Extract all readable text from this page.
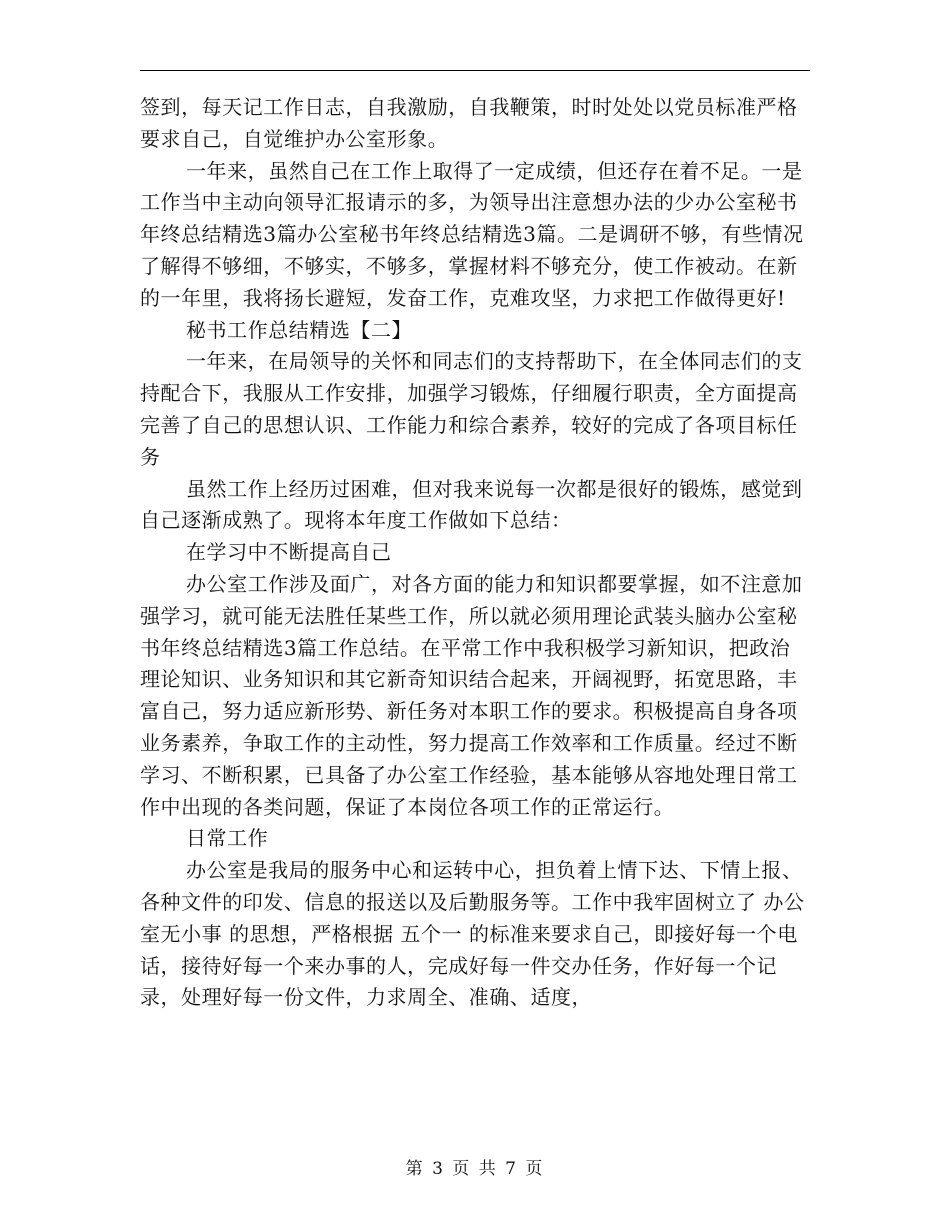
签到，每天记工作日志，自我激励，自我鞭策，时时处处以党员标准严格要求自己，自觉维护办公室形象。

一年来，虽然自己在工作上取得了一定成绩，但还存在着不足。一是工作当中主动向领导汇报请示的多，为领导出注意想办法的少办公室秘书年终总结精选3篇办公室秘书年终总结精选3篇。二是调研不够，有些情况了解得不够细，不够实，不够多，掌握材料不够充分，使工作被动。在新的一年里，我将扬长避短，发奋工作，克难攻坚，力求把工作做得更好!

秘书工作总结精选【二】

一年来，在局领导的关怀和同志们的支持帮助下，在全体同志们的支持配合下，我服从工作安排，加强学习锻炼，仔细履行职责，全方面提高完善了自己的思想认识、工作能力和综合素养，较好的完成了各项目标任务

虽然工作上经历过困难，但对我来说每一次都是很好的锻炼，感觉到自己逐渐成熟了。现将本年度工作做如下总结：

在学习中不断提高自己

办公室工作涉及面广，对各方面的能力和知识都要掌握，如不注意加强学习，就可能无法胜任某些工作，所以就必须用理论武装头脑办公室秘书年终总结精选3篇工作总结。在平常工作中我积极学习新知识，把政治理论知识、业务知识和其它新奇知识结合起来，开阔视野，拓宽思路，丰富自己，努力适应新形势、新任务对本职工作的要求。积极提高自身各项业务素养，争取工作的主动性，努力提高工作效率和工作质量。经过不断学习、不断积累，已具备了办公室工作经验，基本能够从容地处理日常工作中出现的各类问题，保证了本岗位各项工作的正常运行。

日常工作

办公室是我局的服务中心和运转中心，担负着上情下达、下情上报、各种文件的印发、信息的报送以及后勤服务等。工作中我牢固树立了 办公室无小事 的思想，严格根据 五个一 的标准来要求自己，即接好每一个电话，接待好每一个来办事的人，完成好每一件交办任务，作好每一个记录，处理好每一份文件，力求周全、准确、适度，

第 3 页 共 7 页
